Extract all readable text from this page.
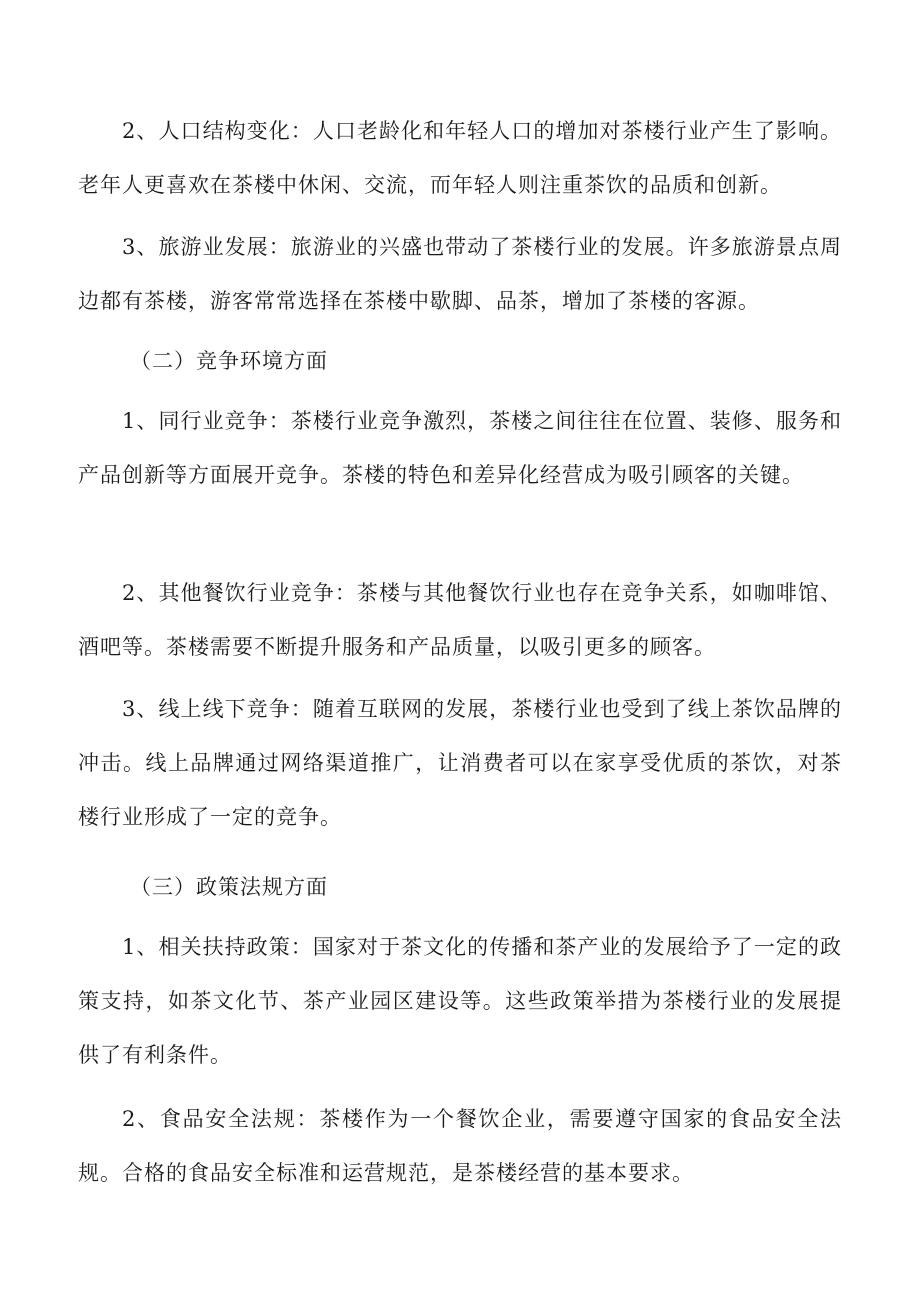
2、人口结构变化：人口老龄化和年轻人口的增加对茶楼行业产生了影响。老年人更喜欢在茶楼中休闲、交流，而年轻人则注重茶饮的品质和创新。

3、旅游业发展：旅游业的兴盛也带动了茶楼行业的发展。许多旅游景点周边都有茶楼，游客常常选择在茶楼中歇脚、品茶，增加了茶楼的客源。

（二）竞争环境方面

1、同行业竞争：茶楼行业竞争激烈，茶楼之间往往在位置、装修、服务和产品创新等方面展开竞争。茶楼的特色和差异化经营成为吸引顾客的关键。

2、其他餐饮行业竞争：茶楼与其他餐饮行业也存在竞争关系，如咖啡馆、酒吧等。茶楼需要不断提升服务和产品质量，以吸引更多的顾客。

3、线上线下竞争：随着互联网的发展，茶楼行业也受到了线上茶饮品牌的冲击。线上品牌通过网络渠道推广，让消费者可以在家享受优质的茶饮，对茶楼行业形成了一定的竞争。

（三）政策法规方面

1、相关扶持政策：国家对于茶文化的传播和茶产业的发展给予了一定的政策支持，如茶文化节、茶产业园区建设等。这些政策举措为茶楼行业的发展提供了有利条件。

2、食品安全法规：茶楼作为一个餐饮企业，需要遵守国家的食品安全法规。合格的食品安全标准和运营规范，是茶楼经营的基本要求。
